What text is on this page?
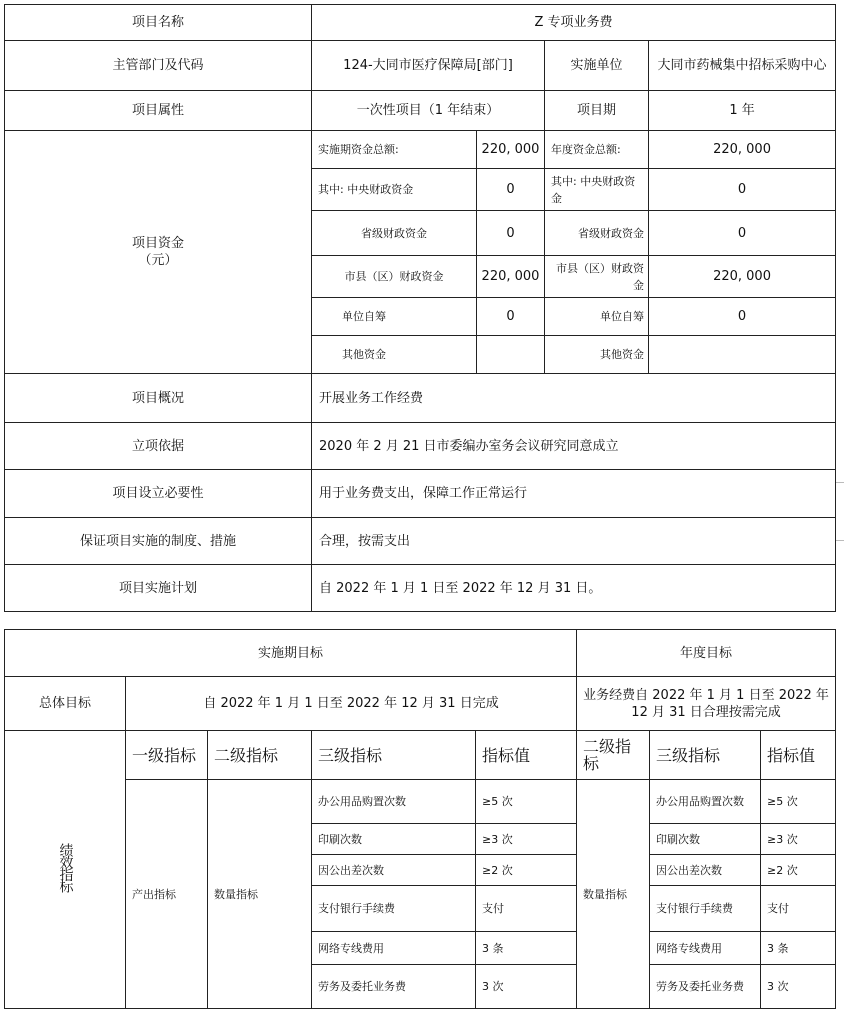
项目名称	Z 专项业务费			
主管部门及代码	124-大同市医疗保障局[部门]		实施单位	大同市药械集中招标采购中心
项目属性	一次性项目（1 年结束）		项目期	1 年

项目资金
（元）	实施期资金总额:	220, 000	年度资金总额:	220, 000
	其中: 中央财政资金	0	其中: 中央财政资金	0
	省级财政资金	0	省级财政资金	0
	市县（区）财政资金	220, 000	市县（区）财政资金	220, 000
	单位自筹	0	单位自筹	0
	其他资金		其他资金	
项目概况	开展业务工作经费			
立项依据	2020 年 2 月 21 日市委编办室务会议研究同意成立			
项目设立必要性	用于业务费支出，保障工作正常运行			
保证项目实施的制度、措施	合理，按需支出			
项目实施计划	自 2022 年 1 月 1 日至 2022 年 12 月 31 日。			
实施期目标					年度目标		
总体目标	自 2022 年 1 月 1 日至 2022 年 12 月 31 日完成				业务经费自 2022 年 1 月 1 日至 2022 年 12 月 31 日合理按需完成		
绩效指标	一级指标	二级指标	三级指标	指标值	二级指标	三级指标	指标值
	产出指标	数量指标	办公用品购置次数	≥5 次	数量指标	办公用品购置次数	≥5 次
			印刷次数	≥3 次		印刷次数	≥3 次
			因公出差次数	≥2 次		因公出差次数	≥2 次
			支付银行手续费	支付		支付银行手续费	支付
			网络专线费用	3 条		网络专线费用	3 条
			劳务及委托业务费	3 次		劳务及委托业务费	3 次
